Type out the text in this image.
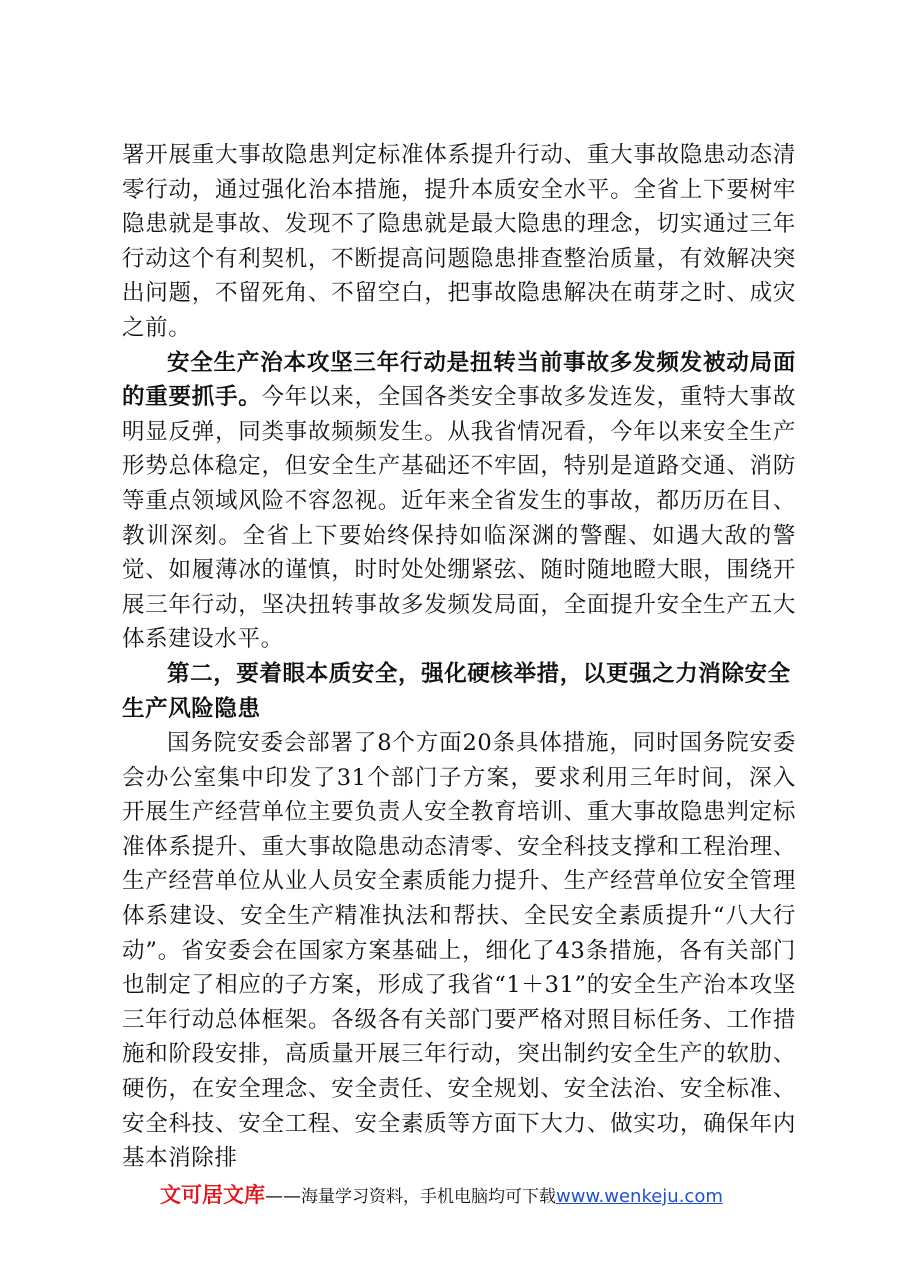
署开展重大事故隐患判定标准体系提升行动、重大事故隐患动态清零行动，通过强化治本措施，提升本质安全水平。全省上下要树牢隐患就是事故、发现不了隐患就是最大隐患的理念，切实通过三年行动这个有利契机，不断提高问题隐患排查整治质量，有效解决突出问题，不留死角、不留空白，把事故隐患解决在萌芽之时、成灾之前。

安全生产治本攻坚三年行动是扭转当前事故多发频发被动局面的重要抓手。今年以来，全国各类安全事故多发连发，重特大事故明显反弹，同类事故频频发生。从我省情况看，今年以来安全生产形势总体稳定，但安全生产基础还不牢固，特别是道路交通、消防等重点领域风险不容忽视。近年来全省发生的事故，都历历在目、教训深刻。全省上下要始终保持如临深渊的警醒、如遇大敌的警觉、如履薄冰的谨慎，时时处处绷紧弦、随时随地瞪大眼，围绕开展三年行动，坚决扭转事故多发频发局面，全面提升安全生产五大体系建设水平。

第二，要着眼本质安全，强化硬核举措，以更强之力消除安全生产风险隐患

国务院安委会部署了8个方面20条具体措施，同时国务院安委会办公室集中印发了31个部门子方案，要求利用三年时间，深入开展生产经营单位主要负责人安全教育培训、重大事故隐患判定标准体系提升、重大事故隐患动态清零、安全科技支撑和工程治理、生产经营单位从业人员安全素质能力提升、生产经营单位安全管理体系建设、安全生产精准执法和帮扶、全民安全素质提升“八大行动”。省安委会在国家方案基础上，细化了43条措施，各有关部门也制定了相应的子方案，形成了我省“1＋31”的安全生产治本攻坚三年行动总体框架。各级各有关部门要严格对照目标任务、工作措施和阶段安排，高质量开展三年行动，突出制约安全生产的软肋、硬伤，在安全理念、安全责任、安全规划、安全法治、安全标准、安全科技、安全工程、安全素质等方面下大力、做实功，确保年内基本消除排

文可居文库——海量学习资料，手机电脑均可下载www.wenkeju.com
